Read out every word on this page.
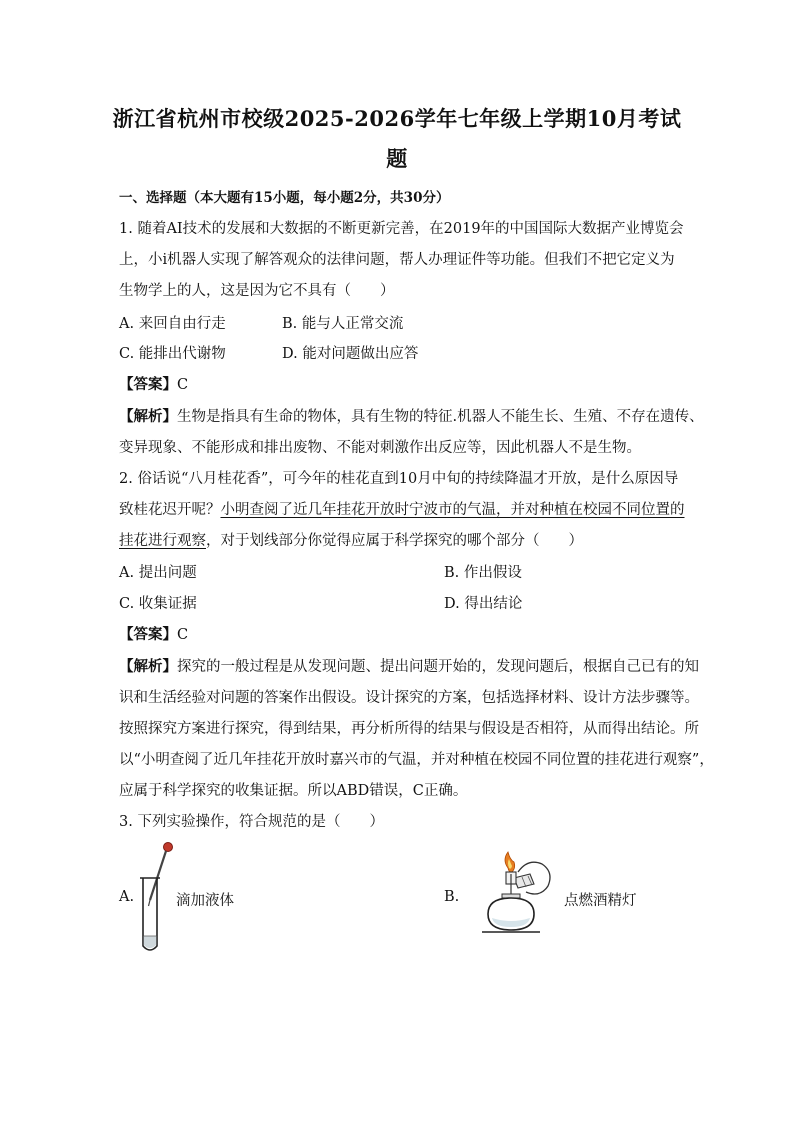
浙江省杭州市校级2025-2026学年七年级上学期10月考试
题
一、选择题（本大题有15小题，每小题2分，共30分）
1. 随着AI技术的发展和大数据的不断更新完善，在2019年的中国国际大数据产业博览会
上，小i机器人实现了解答观众的法律问题，帮人办理证件等功能。但我们不把它定义为
生物学上的人，这是因为它不具有（　　）
A. 来回自由行走	B. 能与人正常交流
C. 能排出代谢物	D. 能对问题做出应答
【答案】C
【解析】生物是指具有生命的物体，具有生物的特征.机器人不能生长、生殖、不存在遗传、
变异现象、不能形成和排出废物、不能对刺激作出反应等，因此机器人不是生物。
2. 俗话说“八月桂花香”，可今年的桂花直到10月中旬的持续降温才开放，是什么原因导
致桂花迟开呢？小明查阅了近几年挂花开放时宁波市的气温，并对种植在校园不同位置的
挂花进行观察，对于划线部分你觉得应属于科学探究的哪个部分（　　）
A. 提出问题	B. 作出假设
C. 收集证据	D. 得出结论
【答案】C
【解析】探究的一般过程是从发现问题、提出问题开始的，发现问题后，根据自己已有的知
识和生活经验对问题的答案作出假设。设计探究的方案，包括选择材料、设计方法步骤等。
按照探究方案进行探究，得到结果，再分析所得的结果与假设是否相符，从而得出结论。所
以“小明查阅了近几年挂花开放时嘉兴市的气温，并对种植在校园不同位置的挂花进行观察”，
应属于科学探究的收集证据。所以ABD错误，C正确。
3. 下列实验操作，符合规范的是（　　）
A.	滴加液体	B.	点燃酒精灯
